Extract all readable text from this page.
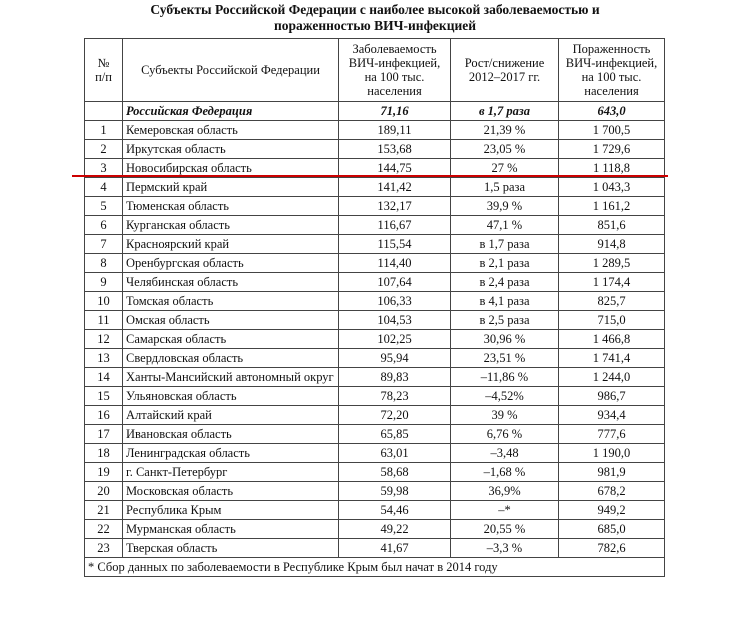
Субъекты Российской Федерации с наиболее высокой заболеваемостью и
пораженностью ВИЧ-инфекцией
№
п/п	Субъекты Российской Федерации	Заболеваемость ВИЧ-инфекцией, на 100 тыс. населения	Рост/снижение 2012–2017 гг.	Пораженность ВИЧ-инфекцией, на 100 тыс. населения
	Российская Федерация	71,16	в 1,7 раза	643,0
1	Кемеровская область	189,11	21,39 %	1 700,5
2	Иркутская область	153,68	23,05 %	1 729,6
3	Новосибирская область	144,75	27 %	1 118,8
4	Пермский край	141,42	1,5 раза	1 043,3
5	Тюменская область	132,17	39,9 %	1 161,2
6	Курганская область	116,67	47,1 %	851,6
7	Красноярский край	115,54	в 1,7 раза	914,8
8	Оренбургская область	114,40	в 2,1 раза	1 289,5
9	Челябинская область	107,64	в 2,4 раза	1 174,4
10	Томская область	106,33	в 4,1 раза	825,7
11	Омская область	104,53	в 2,5 раза	715,0
12	Самарская область	102,25	30,96 %	1 466,8
13	Свердловская область	95,94	23,51 %	1 741,4
14	Ханты-Мансийский автономный округ	89,83	–11,86 %	1 244,0
15	Ульяновская область	78,23	–4,52%	986,7
16	Алтайский край	72,20	39 %	934,4
17	Ивановская область	65,85	6,76 %	777,6
18	Ленинградская область	63,01	–3,48	1 190,0
19	г. Санкт-Петербург	58,68	–1,68 %	981,9
20	Московская область	59,98	36,9%	678,2
21	Республика Крым	54,46	–*	949,2
22	Мурманская область	49,22	20,55 %	685,0
23	Тверская область	41,67	–3,3 %	782,6
* Сбор данных по заболеваемости в Республике Крым был начат в 2014 году				
